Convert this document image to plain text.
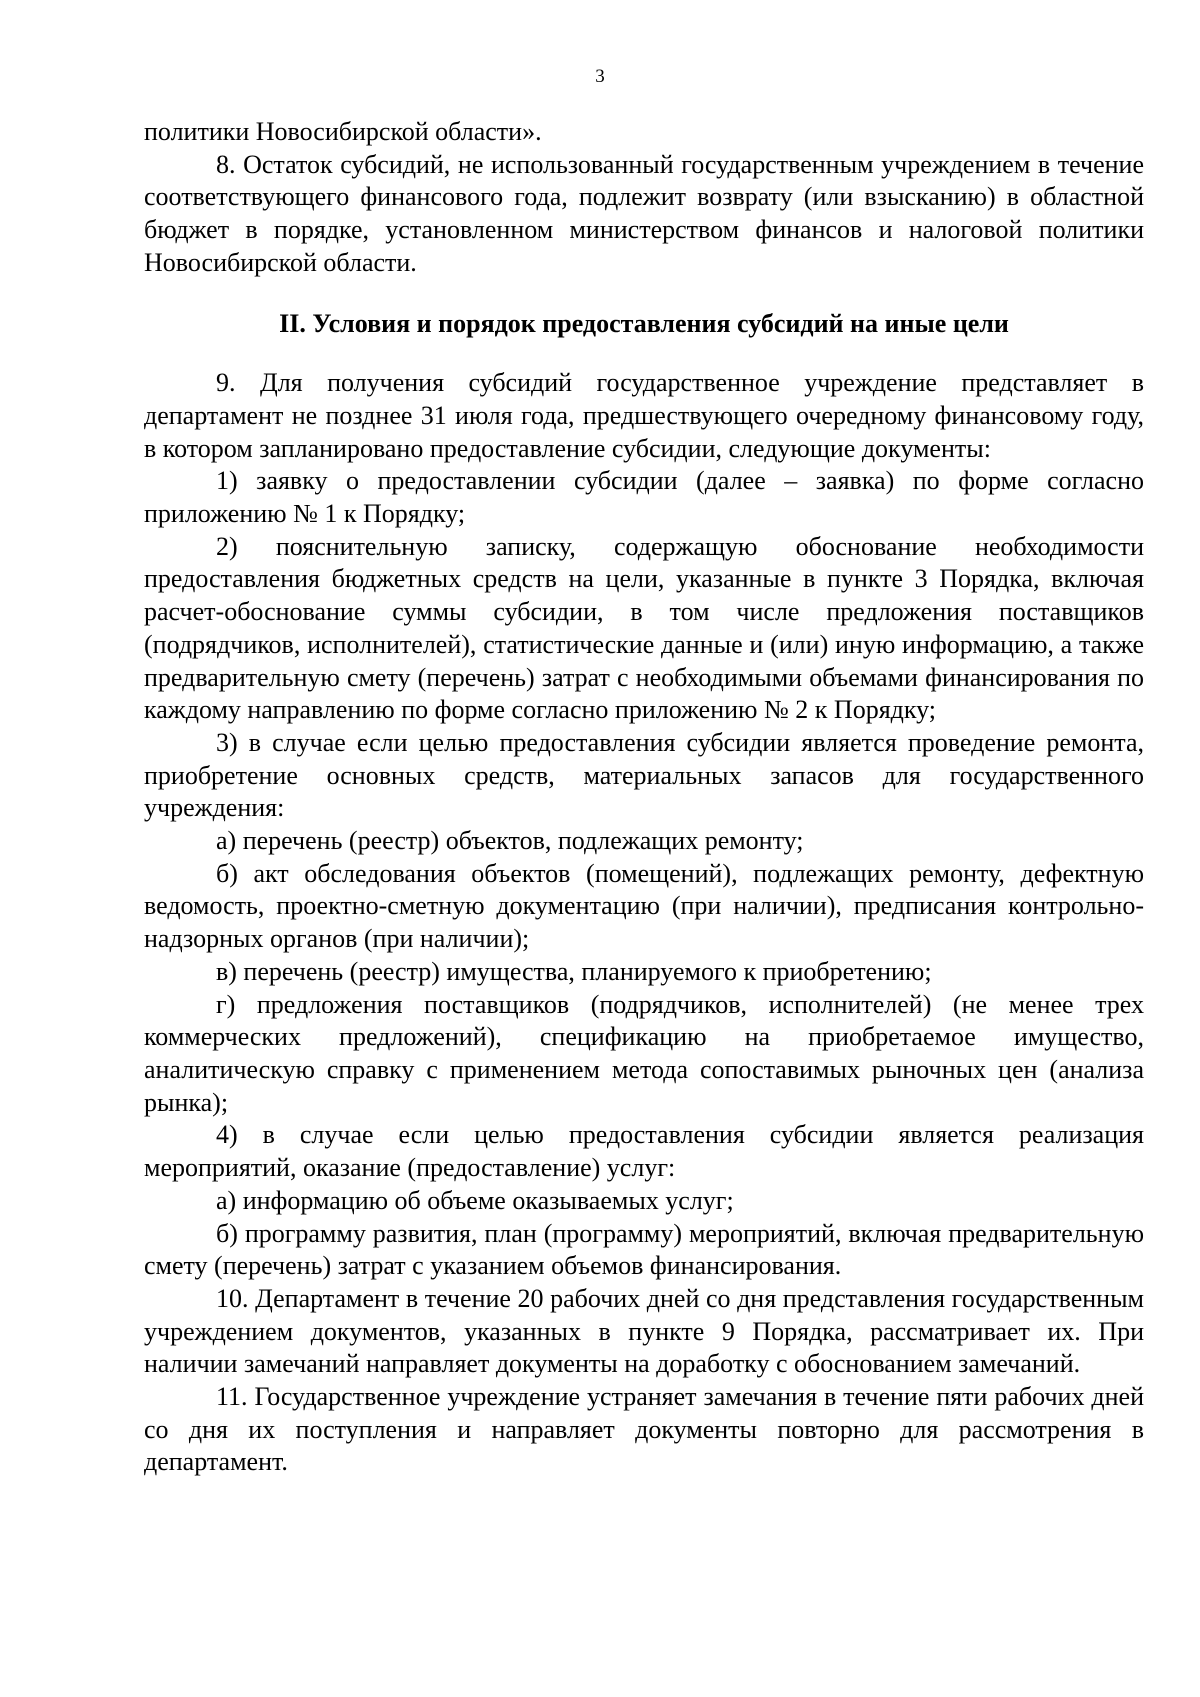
3

политики Новосибирской области».

8. Остаток субсидий, не использованный государственным учреждением в течение соответствующего финансового года, подлежит возврату (или взысканию) в областной бюджет в порядке, установленном министерством финансов и налоговой политики Новосибирской области.

II. Условия и порядок предоставления субсидий на иные цели

9. Для получения субсидий государственное учреждение представляет в департамент не позднее 31 июля года, предшествующего очередному финансовому году, в котором запланировано предоставление субсидии, следующие документы:

1) заявку о предоставлении субсидии (далее – заявка) по форме согласно приложению № 1 к Порядку;

2) пояснительную записку, содержащую обоснование необходимости предоставления бюджетных средств на цели, указанные в пункте 3 Порядка, включая расчет-обоснование суммы субсидии, в том числе предложения поставщиков (подрядчиков, исполнителей), статистические данные и (или) иную информацию, а также предварительную смету (перечень) затрат с необходимыми объемами финансирования по каждому направлению по форме согласно приложению № 2 к Порядку;

3) в случае если целью предоставления субсидии является проведение ремонта, приобретение основных средств, материальных запасов для государственного учреждения:

а) перечень (реестр) объектов, подлежащих ремонту;

б) акт обследования объектов (помещений), подлежащих ремонту, дефектную ведомость, проектно-сметную документацию (при наличии), предписания контрольно-надзорных органов (при наличии);

в) перечень (реестр) имущества, планируемого к приобретению;

г) предложения поставщиков (подрядчиков, исполнителей) (не менее трех коммерческих предложений), спецификацию на приобретаемое имущество, аналитическую справку с применением метода сопоставимых рыночных цен (анализа рынка);

4) в случае если целью предоставления субсидии является реализация мероприятий, оказание (предоставление) услуг:

а) информацию об объеме оказываемых услуг;

б) программу развития, план (программу) мероприятий, включая предварительную смету (перечень) затрат с указанием объемов финансирования.

10. Департамент в течение 20 рабочих дней со дня представления государственным учреждением документов, указанных в пункте 9 Порядка, рассматривает их. При наличии замечаний направляет документы на доработку с обоснованием замечаний.

11. Государственное учреждение устраняет замечания в течение пяти рабочих дней со дня их поступления и направляет документы повторно для рассмотрения в департамент.
